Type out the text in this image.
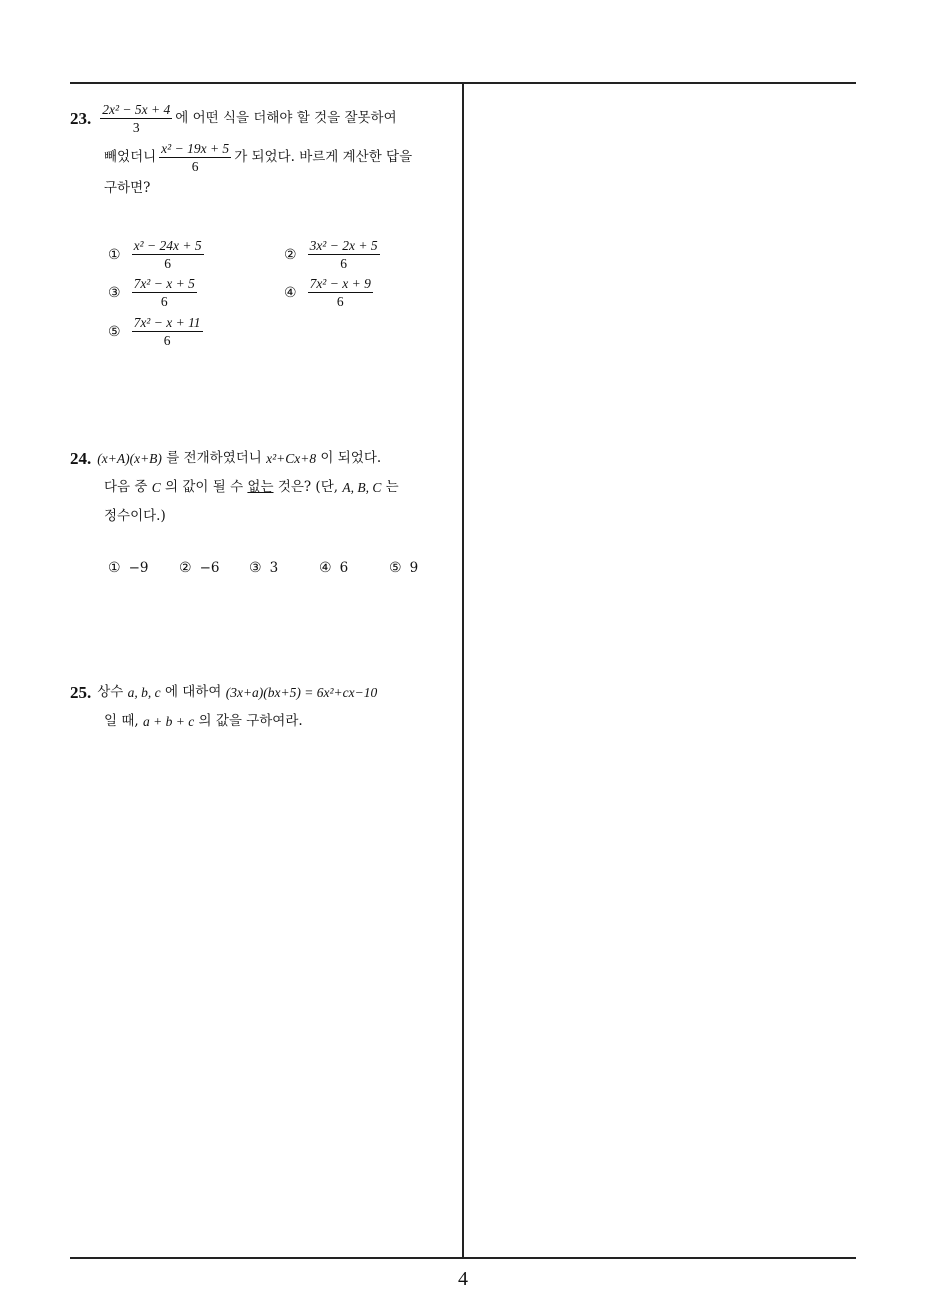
23. $\frac{\text{2x² − 5x + 4}}{3}$ 에 어떤 식을 더해야 할 것을 잘못하여
빼었더니 $\frac{\text{x² − 19x + 5}}{6}$ 가 되었다. 바르게 계산한 답을
구하면?
① $\frac{\text{x² − 24x + 5}}{6}$	② $\frac{\text{3x² − 2x + 5}}{6}$
③ $\frac{\text{7x² − x + 5}}{6}$	④ $\frac{\text{7x² − x + 9}}{6}$
⑤ $\frac{\text{7x² − x + 11}}{6}$
24. (x+A)(x+B)
를 전개하였더니
x²+Cx+8
이 되었다.
다음 중
C
의 값이 될 수
없는
것은? (단,
A, B, C
는
정수이다.)
① −9 ② −6 ③ 3	④ 6	⑤ 9
25. 상수
a, b, c
에 대하여
(3x+a)(bx+5) = 6x²+cx−10
일 때,
a + b + c
의 값을 구하여라.
4
